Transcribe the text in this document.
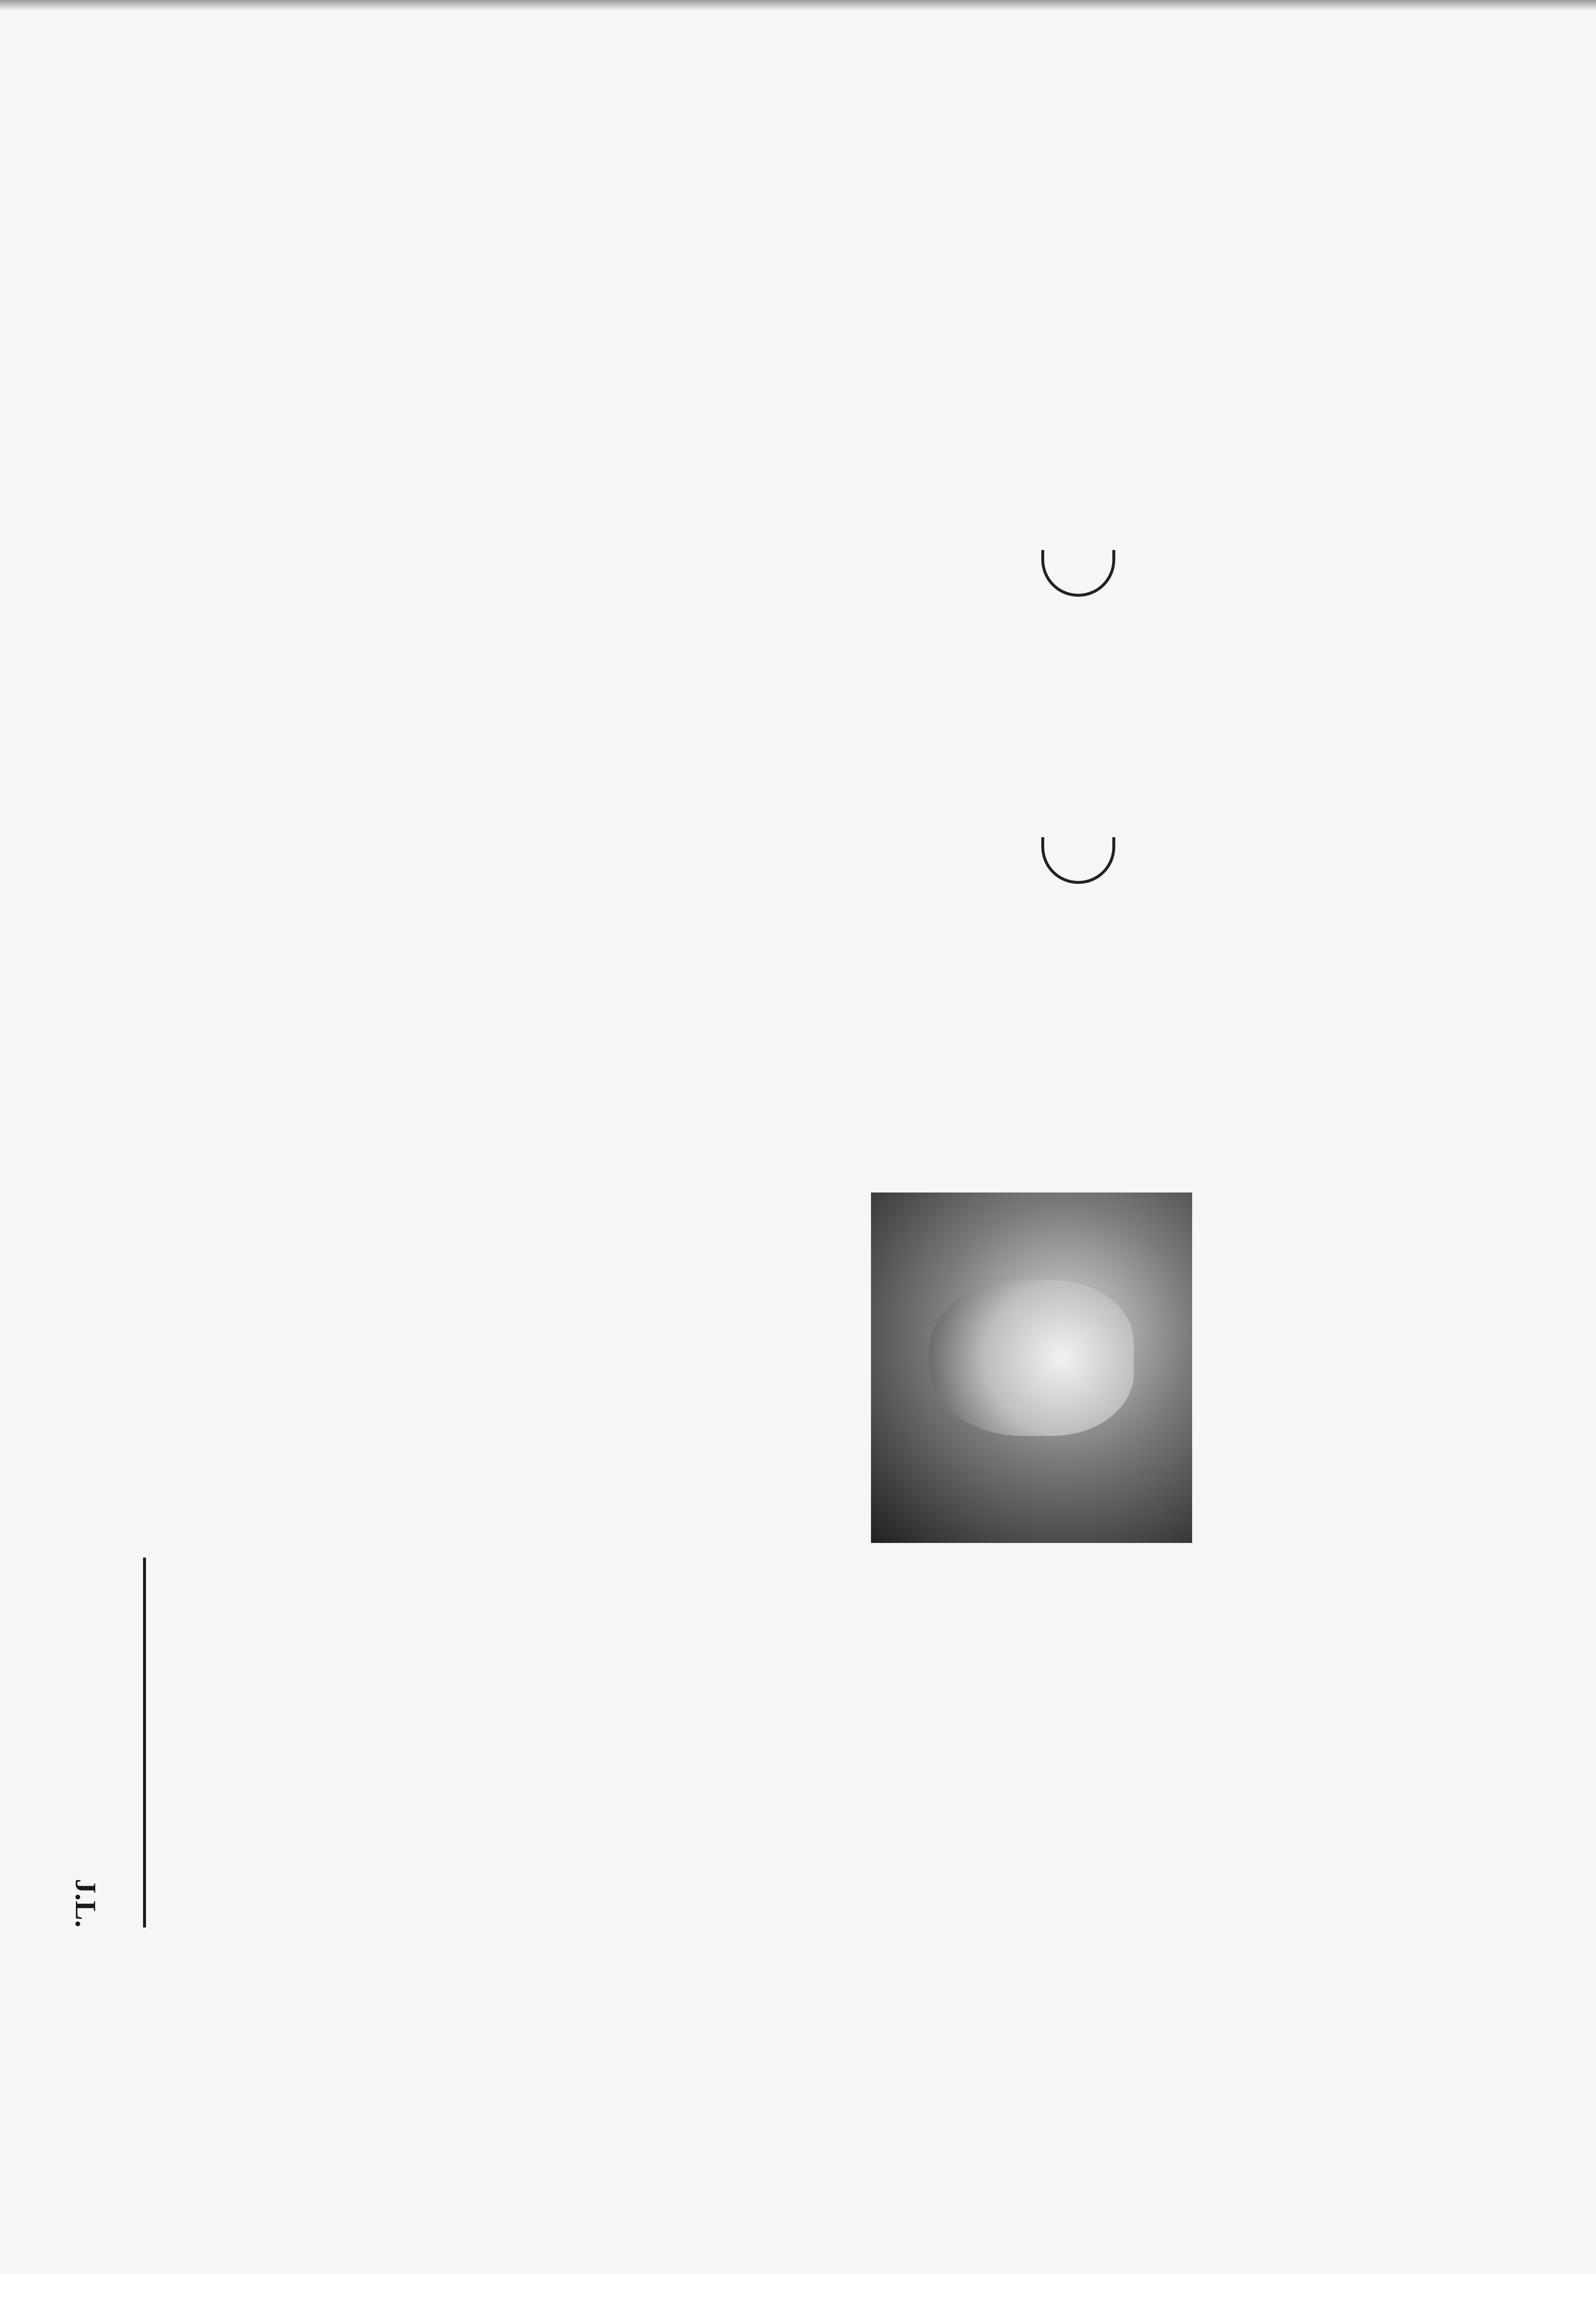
J.L.
